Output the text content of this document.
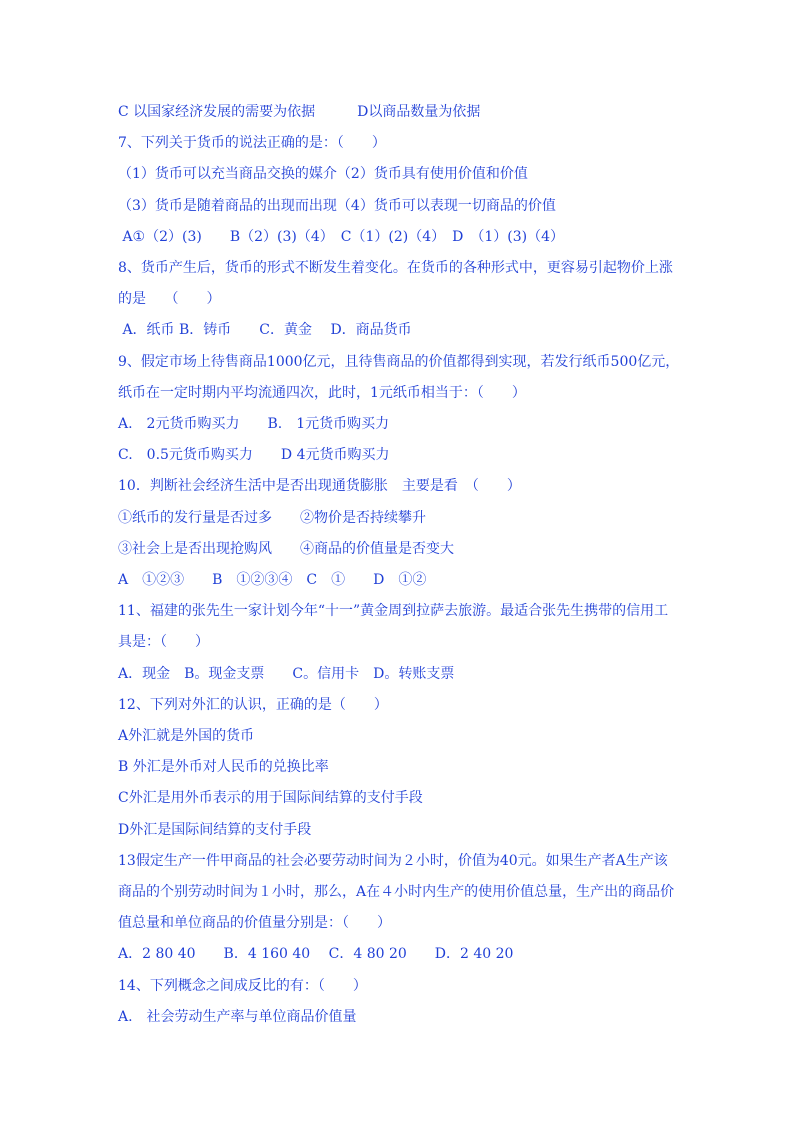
C 以国家经济发展的需要为依据　　　D以商品数量为依据
7、下列关于货币的说法正确的是：（　　）
（1）货币可以充当商品交换的媒介（2）货币具有使用价值和价值
（3）货币是随着商品的出现而出现（4）货币可以表现一切商品的价值
A①（2）(3)　　B（2）(3)（4）　C（1）(2)（4）　D　（1）(3)（4）
8、货币产生后，货币的形式不断发生着变化。在货币的各种形式中，更容易引起物价上涨
的是　 （　　）
A．纸币 B．铸币　　C．黄金　 D．商品货币
9、假定市场上待售商品1000亿元，且待售商品的价值都得到实现，若发行纸币500亿元，
纸币在一定时期内平均流通四次，此时，1元纸币相当于：（　　）
A.　2元货币购买力　　B.　1元货币购买力
C.　0.5元货币购买力　　D 4元货币购买力
10．判断社会经济生活中是否出现通货膨胀　主要是看　（　　）
①纸币的发行量是否过多　　②物价是否持续攀升
③社会上是否出现抢购风　　④商品的价值量是否变大
A　①②③　　B　①②③④　C　①　　D　①②
11、福建的张先生一家计划今年“十一”黄金周到拉萨去旅游。最适合张先生携带的信用工
具是：（　　）
A．现金　B。现金支票　　C。信用卡　D。转账支票
12、下列对外汇的认识，正确的是（　　）
A外汇就是外国的货币
B 外汇是外币对人民币的兑换比率
C外汇是用外币表示的用于国际间结算的支付手段
D外汇是国际间结算的支付手段
13假定生产一件甲商品的社会必要劳动时间为２小时，价值为40元。如果生产者A生产该
商品的个别劳动时间为１小时，那么，A在４小时内生产的使用价值总量，生产出的商品价
值总量和单位商品的价值量分别是：（　　）
A．2 80 40　　B．4 160 40　 C．4 80 20　　D．2 40 20
14、下列概念之间成反比的有：（　　）
A.　社会劳动生产率与单位商品价值量
